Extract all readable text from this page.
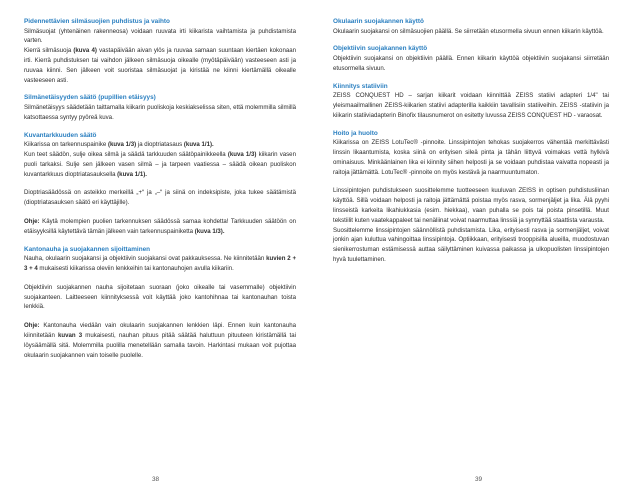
Pidennettävien silmäsuojien puhdistus ja vaihto

Silmäsuojat (yhtenäinen rakenneosa) voidaan ruuvata irti kiikarista vaihtamista ja puhdistamista varten.

Kierrä silmäsuoja (kuva 4) vastapäivään aivan ylös ja ruuvaa samaan suuntaan kiertäen kokonaan irti. Kierrä puhdistuksen tai vaihdon jälkeen silmäsuoja oikealle (myötäpäivään) vasteeseen asti ja ruuvaa kiinni. Sen jälkeen voit suoristaa silmäsuojat ja kiristää ne kiinni kiertämällä oikealle vasteeseen asti.

Silmänetäisyyden säätö (pupillien etäisyys)

Silmänetäisyys säädetään taittamalla kiikarin puoliskoja keskiakselissa siten, että molemmilla silmillä katsottaessa syntyy pyöreä kuva.

Kuvantarkkuuden säätö

Kiikarissa on tarkennuspainike (kuva 1/3) ja dioptriatasaus (kuva 1/1).

Kun teet säädön, sulje oikea silmä ja säädä tarkkuuden säätöpainikkeella (kuva 1/3) kiikarin vasen puoli tarkaksi. Sulje sen jälkeen vasen silmä – ja tarpeen vaatiessa – säädä oikean puoliskon kuvantarkkuus dioptriatasauksella (kuva 1/1).

Dioptriasäädössä on asteikko merkeillä „+“ ja „–“ ja siinä on indeksipiste, joka tukee säätämistä (dioptriatasauksen säätö eri käyttäjille).

Ohje: Käytä molempien puolien tarkennuksen säädössä samaa kohdetta! Tarkkuuden säätöön on etäisyyksillä käytettävä tämän jälkeen vain tarkennuspainiketta (kuva 1/3).

Kantonauha ja suojakannen sijoittaminen

Nauha, okulaarin suojakansi ja objektiivin suojakansi ovat pakkauksessa. Ne kiinnitetään kuvien 2 + 3 + 4 mukaisesti kiikarissa oleviin lenkkeihin tai kantonauhojen avulla kiikariin.

Objektiivin suojakannen nauha sijoitetaan suoraan (joko oikealle tai vasemmalle) objektiivin suojakanteen. Laitteeseen kiinnityksessä voit käyttää joko kantohihnaa tai kantonauhan toista lenkkiä.

Ohje: Kantonauha viedään vain okulaarin suojakannen lenkkien läpi. Ennen kuin kantonauha kiinnitetään kuvan 3 mukaisesti, nauhan pituus pitää säätää haluttuun pituuteen kiristämällä tai löysäämällä sitä. Molemmilla puolilla menetellään samalla tavoin. Harkintasi mukaan voit pujottaa okulaarin suojakannen vain toiselle puolelle.

38

Okulaarin suojakannen käyttö

Okulaarin suojakansi on silmäsuojien päällä. Se siirretään etusormella sivuun ennen kiikarin käyttöä.

Objektiivin suojakannen käyttö

Objektiivin suojakansi on objektiivin päällä. Ennen kiikarin käyttöä objektiivin suojakansi siirretään etusormella sivuun.

Kiinnitys statiiviin

ZEISS CONQUEST HD – sarjan kiikarit voidaan kiinnittää ZEISS statiivi adapteri 1/4" tai yleismaailmallinen ZEISS-kiikarien statiivi adapterilla kaikkiin tavallisiin statiiveihin. ZEISS -statiivin ja kiikarin statiiviadapterin Binofix tilausnumerot on esitetty luvussa ZEISS CONQUEST HD - varaosat.

Hoito ja huolto

Kiikarissa on ZEISS LotuTec® -pinnoite. Linssipintojen tehokas suojakerros vähentää merkittävästi linssin likaantumista, koska siinä on erityisen sileä pinta ja tähän liittyvä voimakas vettä hylkivä ominaisuus. Minkäänlainen lika ei kiinnity siihen helposti ja se voidaan puhdistaa vaivatta nopeasti ja raitoja jättämättä. LotuTec® -pinnoite on myös kestävä ja naarmuuntumaton.

Linssipintojen puhdistukseen suosittelemme tuotteeseen kuuluvan ZEISS in optisen puhdistusliinan käyttöä. Sillä voidaan helposti ja raitoja jättämättä poistaa myös rasva, sormenjäljet ja lika. Älä pyyhi linsseistä karkeita likahiukkasia (esim. hiekkaa), vaan puhalla se pois tai poista pinsetillä. Muut tekstiilit kuten vaatekappaleet tai nenäliinat voivat naarmuttaa linssiä ja synnyttää staattista varausta.

Suosittelemme linssipintojen säännöllistä puhdistamista. Lika, erityisesti rasva ja sormenjäljet, voivat jonkin ajan kuluttua vahingoittaa linssipintoja. Optiikkaan, erityisesti trooppisilla alueilla, muodostuvan sienikerrostuman estämisessä auttaa säilyttäminen kuivassa paikassa ja ulkopuolisten linssipintojen hyvä tuulettaminen.

39
